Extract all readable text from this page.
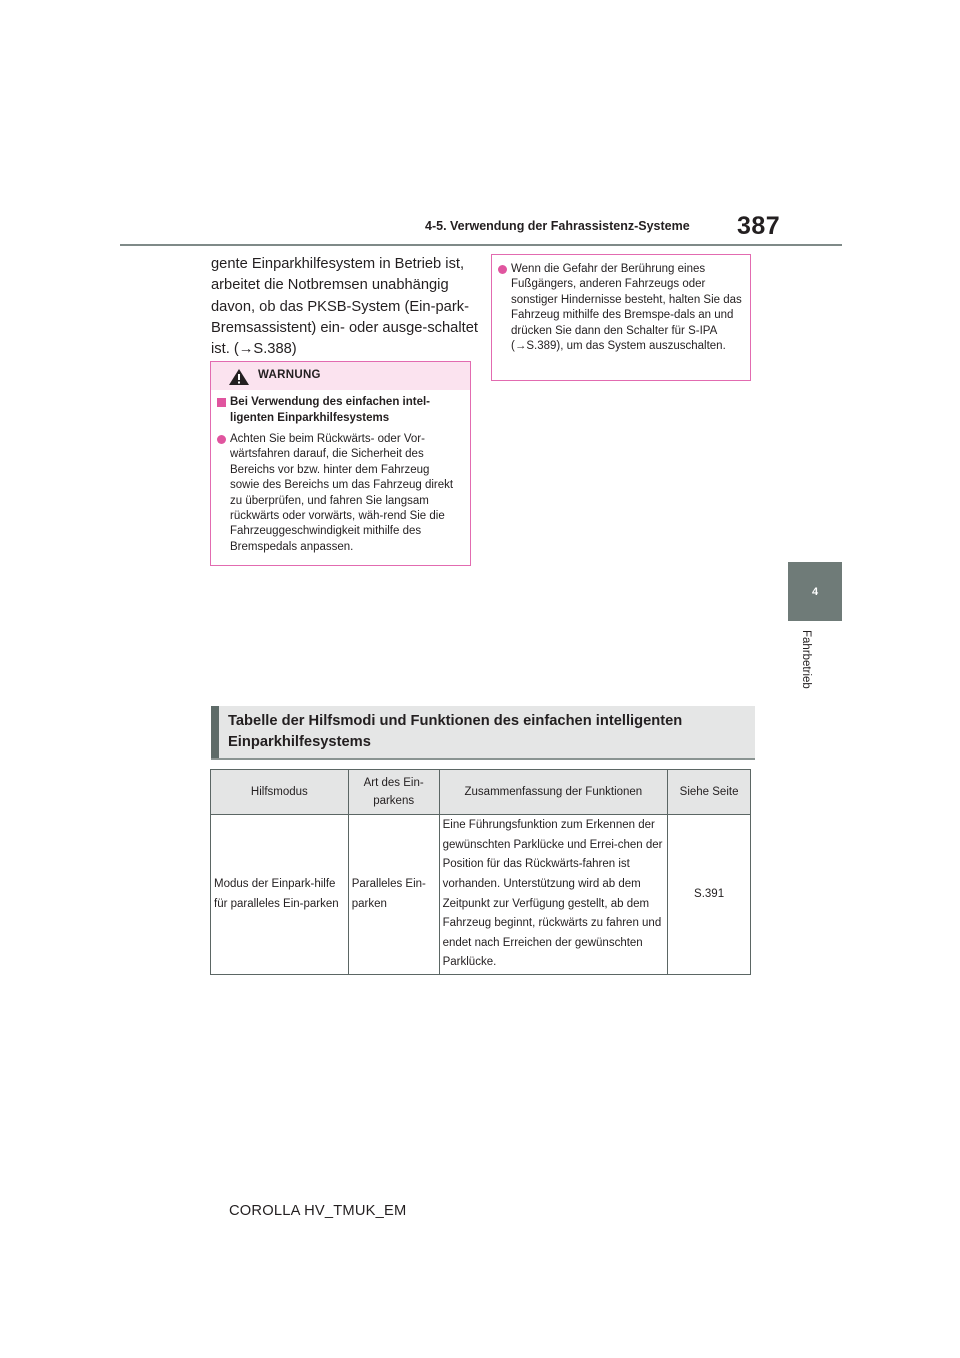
4-5. Verwendung der Fahrassistenz-Systeme 387
4
Fahrbetrieb
gente Einparkhilfesystem in Betrieb ist, arbeitet die Notbremsen unabhängig davon, ob das PKSB-System (Ein-park-Bremsassistent) ein- oder ausge-schaltet ist. (→S.388)
WARNUNG
Bei Verwendung des einfachen intel-ligenten Einparkhilfesystems
Achten Sie beim Rückwärts- oder Vor-wärtsfahren darauf, die Sicherheit des Bereichs vor bzw. hinter dem Fahrzeug sowie des Bereichs um das Fahrzeug direkt zu überprüfen, und fahren Sie langsam rückwärts oder vorwärts, wäh-rend Sie die Fahrzeuggeschwindigkeit mithilfe des Bremspedals anpassen.
Wenn die Gefahr der Berührung eines Fußgängers, anderen Fahrzeugs oder sonstiger Hindernisse besteht, halten Sie das Fahrzeug mithilfe des Bremspe-dals an und drücken Sie dann den Schalter für S-IPA (→S.389), um das System auszuschalten.
Tabelle der Hilfsmodi und Funktionen des einfachen intelligenten Einparkhilfesystems
Hilfsmodus	Art des Ein-parkens	Zusammenfassung der Funktionen	Siehe Seite
Modus der Einpark-hilfe für paralleles Ein-parken	Paralleles Ein-parken	Eine Führungsfunktion zum Erkennen der gewünschten Parklücke und Errei-chen der Position für das Rückwärts-fahren ist vorhanden. Unterstützung wird ab dem Zeitpunkt zur Verfügung gestellt, ab dem Fahrzeug beginnt, rückwärts zu fahren und endet nach Erreichen der gewünschten Parklücke.	S.391
COROLLA HV_TMUK_EM
